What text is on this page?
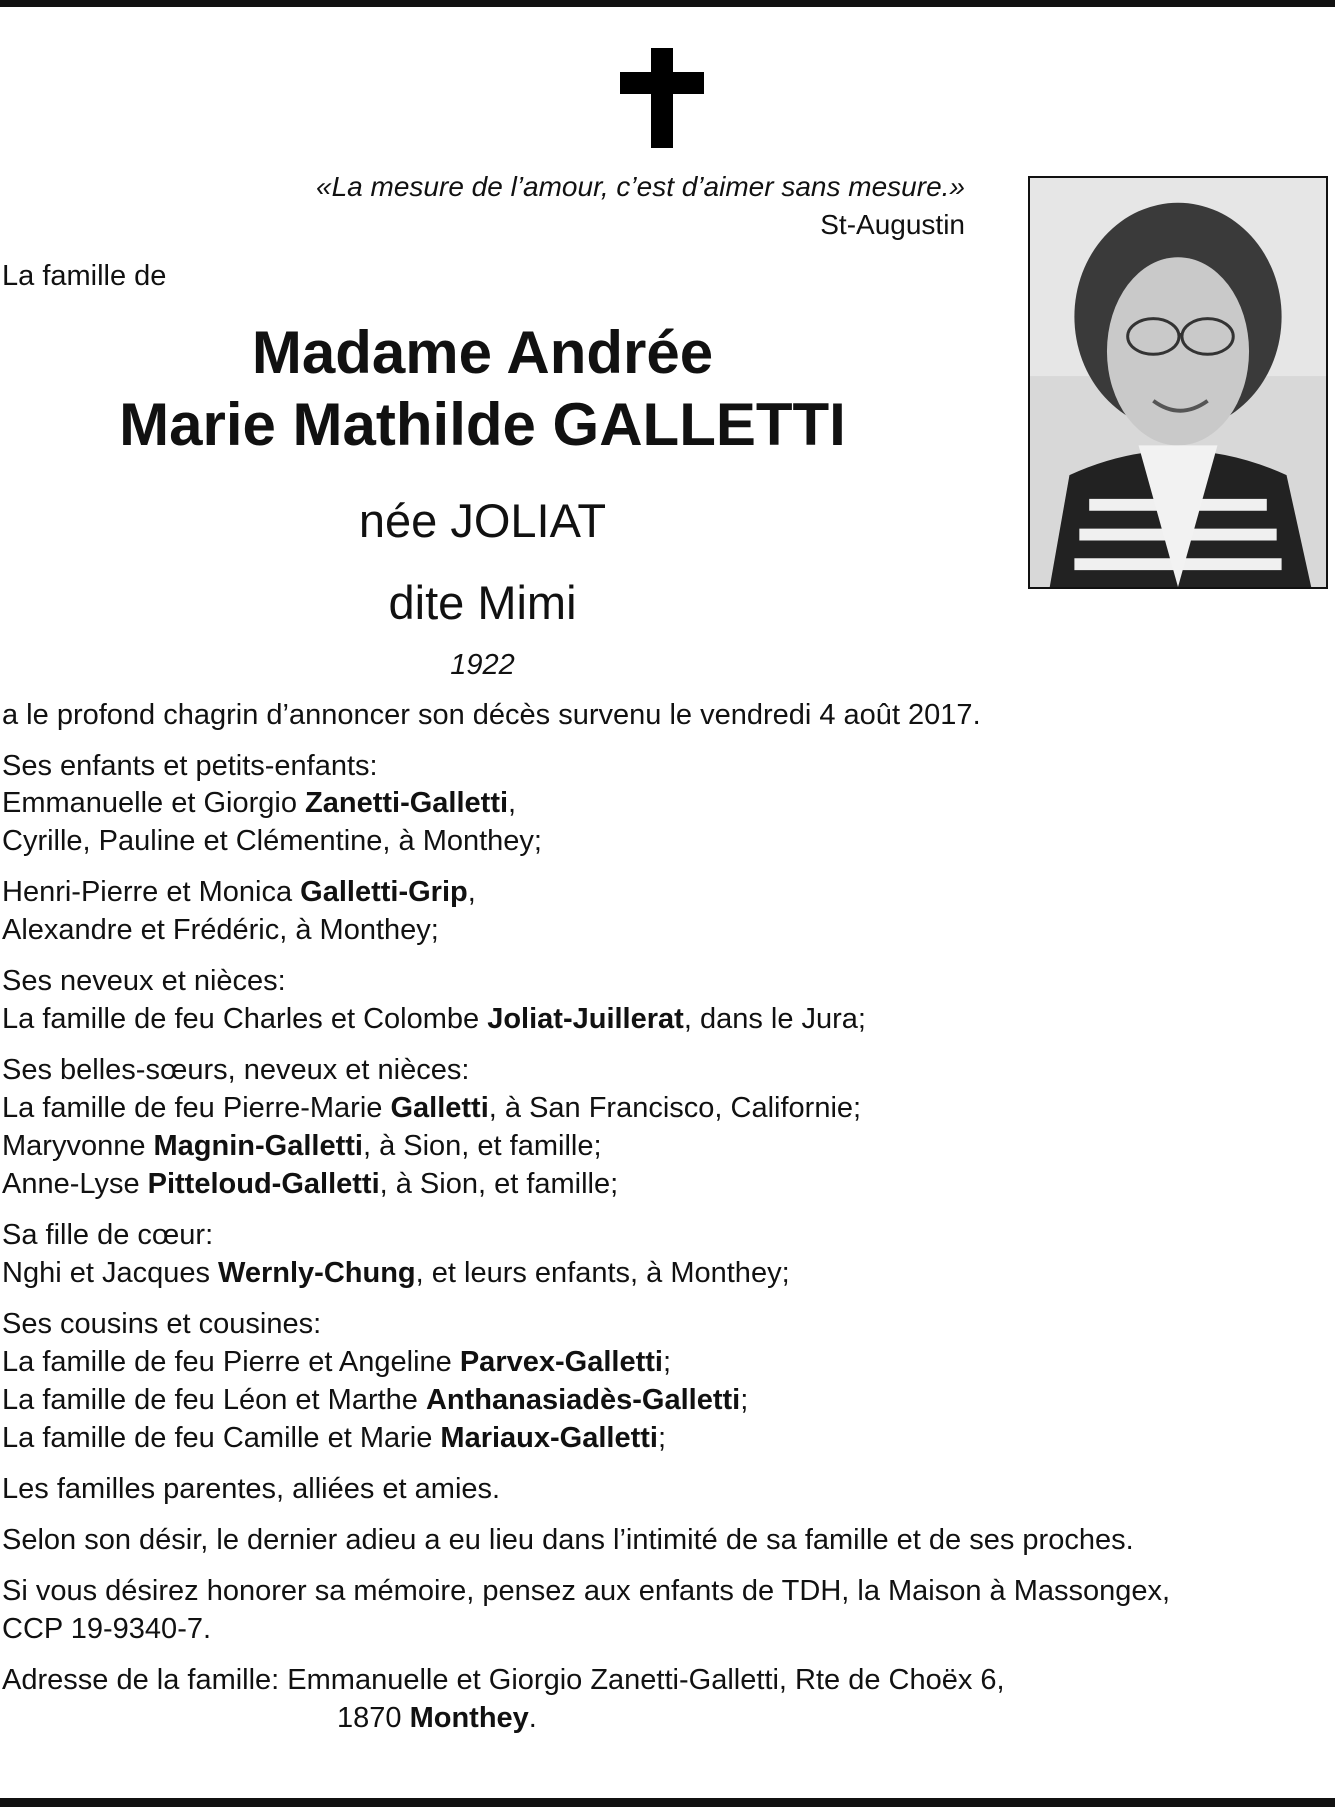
«La mesure de l’amour, c’est d’aimer sans mesure.»
St-Augustin
La famille de
Madame Andrée
Marie Mathilde GALLETTI
née JOLIAT
dite Mimi
1922
a le profond chagrin d’annoncer son décès survenu le vendredi 4 août 2017.
Ses enfants et petits-enfants:
Emmanuelle et Giorgio Zanetti-Galletti,
Cyrille, Pauline et Clémentine, à Monthey;
Henri-Pierre et Monica Galletti-Grip,
Alexandre et Frédéric, à Monthey;
Ses neveux et nièces:
La famille de feu Charles et Colombe Joliat-Juillerat, dans le Jura;
Ses belles-sœurs, neveux et nièces:
La famille de feu Pierre-Marie Galletti, à San Francisco, Californie;
Maryvonne Magnin-Galletti, à Sion, et famille;
Anne-Lyse Pitteloud-Galletti, à Sion, et famille;
Sa fille de cœur:
Nghi et Jacques Wernly-Chung, et leurs enfants, à Monthey;
Ses cousins et cousines:
La famille de feu Pierre et Angeline Parvex-Galletti;
La famille de feu Léon et Marthe Anthanasiadès-Galletti;
La famille de feu Camille et Marie Mariaux-Galletti;
Les familles parentes, alliées et amies.
Selon son désir, le dernier adieu a eu lieu dans l’intimité de sa famille et de ses proches.
Si vous désirez honorer sa mémoire, pensez aux enfants de TDH, la Maison à Massongex,
CCP 19-9340-7.
Adresse de la famille: Emmanuelle et Giorgio Zanetti-Galletti, Rte de Choëx 6,
1870 Monthey.
